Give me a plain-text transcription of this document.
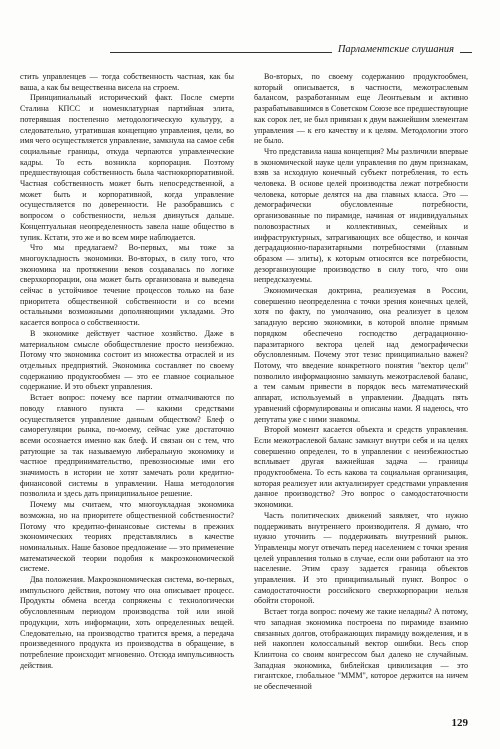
Парламентские слушания

стить управленцев — тогда собственность частная, как бы ваша, а как бы вещественна висела на строем.

Принципиальный исторический факт. После смерти Сталина КПСС и номенклатурная партийная элита, потерявшая постепенно методологическую культуру, а следовательно, утратившая концепцию управления, цели, во имя чего осуществляется управление, замкнула на самое себя социальные границы, откуда черпаются управленческие кадры. То есть возникла корпорация. Поэтому предшествующая собственность была частнокорпоративной. Частная собственность может быть непосредственной, а может быть и корпоративной, когда управление осуществляется по доверенности. Не разобравшись с вопросом о собственности, нельзя двинуться дальше. Концептуальная неопределенность завела наше общество в тупик. Кстати, это же и во всем мире наблюдается.

Что мы предлагаем? Во-первых, мы тоже за многоукладность экономики. Во-вторых, в силу того, что экономика на протяжении веков создавалась по логике сверхкорпорации, она может быть организована и выведена сейчас в устойчивое течение процессов только на базе приоритета общественной собственности и со всеми остальными возможными дополняющими укладами. Это касается вопроса о собственности.

В экономике действует частное хозяйство. Даже в материальном смысле обобществление просто неизбежно. Потому что экономика состоит из множества отраслей и из отдельных предприятий. Экономика составляет по своему содержанию продуктообмен — это ее главное социальное содержание. И это объект управления.

Встает вопрос: почему все партии отмалчиваются по поводу главного пункта — какими средствами осуществляется управление данным обществом? Блеф о саморегуляции рынка, по-моему, сейчас уже достаточно всеми осознается именно как блеф. И связан он с тем, что ратующие за так называемую либеральную экономику и частное предпринимательство, превозносимые ими его значимость в истории не хотят замечать роли кредитно-финансовой системы в управлении. Наша методология позволила и здесь дать принципиальное решение.

Почему мы считаем, что многоукладная экономика возможна, но на приоритете общественной собственности? Потому что кредитно-финансовые системы в прежних экономических теориях представлялись в качестве номинальных. Наше базовое предложение — это применение математической теории подобия к макроэкономической системе.

Два положения. Макроэкономическая система, во-первых, импульсного действия, потому что она описывает процесс. Продукты обмена всегда сопряжены с технологически обусловленным периодом производства той или иной продукции, хоть информации, хоть определенных вещей. Следовательно, на производство тратится время, а передача произведенного продукта из производства в обращение, в потребление происходит мгновенно. Отсюда импульсивность действия.

Во-вторых, по своему содержанию продуктообмен, который описывается, в частности, межотраслевым балансом, разработанным еще Леонтьевым и активно разрабатывавшимся в Советском Союзе все предшествующие как сорок лет, не был привязан к двум важнейшим элементам управления — к его качеству и к целям. Методологии этого не было.

Что представила наша концепция? Мы различили впервые в экономической науке цели управления по двум признакам, взяв за исходную конечный субъект потребления, то есть человека. В основе целей производства лежат потребности человека, которые делятся на два главных класса. Это — демографически обусловленные потребности, организованные по пирамиде, начиная от индивидуальных половозрастных и коллективных, семейных и инфраструктурных, затрагивающих все общество, и кончая деградационно-паразитарными потребностями (главным образом — элиты), к которым относятся все потребности, дезорганизующие производство в силу того, что они непредсказуемы.

Экономическая доктрина, реализуемая в России, совершенно неопределенна с точки зрения конечных целей, хотя по факту, по умолчанию, она реализует в целом западную версию экономики, в которой вполне прямым порядком обеспечено господство деградационно-паразитарного вектора целей над демографически обусловленным. Почему этот тезис принципиально важен? Потому, что введение конкретного понятия "вектор цели" позволило информационно замкнуть межотраслевой баланс, а тем самым привести в порядок весь математический аппарат, используемый в управлении. Двадцать пять уравнений сформулированы и описаны нами. Я надеюсь, что депутаты уже с ними знакомы.

Второй момент касается объекта и средств управления. Если межотраслевой баланс замкнут внутри себя и на целях совершенно определен, то в управлении с неизбежностью всплывает другая важнейшая задача — границы продуктообмена. То есть какова та социальная организация, которая реализует или актуализирует средствами управления данное производство? Это вопрос о самодостаточности экономики.

Часть политических движений заявляет, что нужно поддерживать внутреннего производителя. Я думаю, что нужно уточнить — поддерживать внутренний рынок. Управленцы могут отвечать перед населением с точки зрения целей управления только в случае, если они работают на это население. Этим сразу задается граница объектов управления. И это принципиальный пункт. Вопрос о самодостаточности российского сверхкорпорации нельзя обойти стороной.

Встает тогда вопрос: почему же такие неладны? А потому, что западная экономика построена по пирамиде взаимно связанных долгов, отображающих пирамиду вожделения, и в ней накоплен колоссальный вектор ошибки. Весь спор Клинтона со своим конгрессом был далеко не случайным. Западная экономика, библейская цивилизация — это гигантское, глобальное "МММ", которое держится на ничем не обеспеченной

129
